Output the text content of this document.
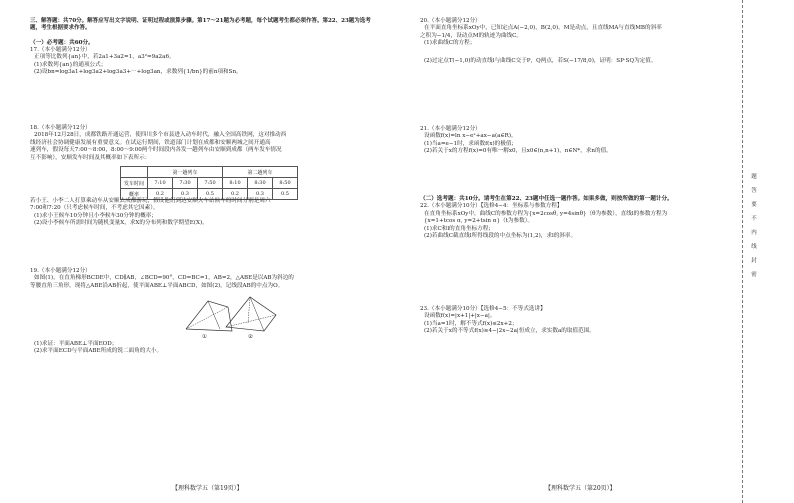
三、解答题：共70分。解答应写出文字说明、证明过程或演算步骤。第17～21题为必考题，每个试题考生都必须作答。第22、23题为选考题，考生根据要求作答。
（一）必考题：共60分。
17.（本小题满分12分）
正项等比数列{an}中，若2a1+3a2=1，a3²=9a2a6。
(1)求数列{an}的通项公式；
(2)设bn=log3a1+log3a2+log3a3+⋯+log3an，求数列{1/bn}的前n项和Sn。
18.（本小题满分12分）
2018年12月28日，成都铁路开通运营，使四川多个市县进入动车时代，融入全国高铁网，这对推动西
线经济社会协调健康发展有重要意义。在试运行期间，铁道部门计划在成都和安顺两城之间开通高
速列车，假设每天7:00～8:00，8:00～9:00两个时间段内各发一趟列车由安顺到成都（两车发车情况
互不影响），安顺发车时间及其概率如下表所示：
	第一趟列车			第二趟列车		
发车时间	7:10	7:30	7:50	8:10	8:30	8:50
概率	0.2	0.3	0.5	0.2	0.3	0.5
若小王、小李二人打算乘动车从安顺去成都游玩，假设他们到达安顺火车站候车的时间分别是周六
7:00和7:20（只考虑候车时间，不考虑其它因素）。
(1)求小王候车10分钟且小李候车30分钟的概率；
(2)设小李候车所需时间为随机变量X，求X的分布列和数学期望E(X)。
19.（本小题满分12分）
如图(1)，在直角梯形BCDE中，CD∥AB，∠BCD=90°，CD=BC=1，AB=2，△ABE是以AB为斜边的
等腰直角三角形，现将△ABE沿AB折起，使平面ABE⊥平面ABCD，如图(2)，记线段AB的中点为O。
①	②
(1)求证：平面ABE⊥平面EOD；
(2)求平面ECD与平面ABE所成的锐二面角的大小。
【理科数学五（第19页）】
20.（本小题满分12分）
在平面直角坐标系xOy中，已知定点A(−2,0)，B(2,0)，M是动点，且直线MA与直线MB的斜率
之积为−1/4，设动点M的轨迹为曲线C。
(1)求曲线C的方程；
(2)过定点T(−1,0)的动直线l与曲线C交于P，Q两点，若S(−17/8,0)，证明：SP·SQ为定值。
21.（本小题满分12分）
设函数f(x)=ln x−eˣ+ax−a(a∈R)。
(1)当a=e−1时，求函数f(x)的极值；
(2)若关于x的方程f(x)=0有唯一解x0，且x0∈(n,n+1)，n∈N*，求n的值。
（二）选考题：共10分。请考生在第22、23题中任选一题作答。如果多做，则按所做的第一题计分。
22.（本小题满分10分）【选修4−4：坐标系与参数方程】
在直角坐标系xOy中，曲线C的参数方程为{x=2cosθ, y=4sinθ}（θ为参数），直线l的参数方程为
{x=1+tcos α, y=2+tsin α}（t为参数）。
(1)求C和l的直角坐标方程；
(2)若曲线C截直线l所得线段的中点坐标为(1,2)，求l的斜率。
23.（本小题满分10分）【选修4−5：不等式选讲】
设函数f(x)=|x+1|+|x−a|。
(1)当a=1时，解不等式f(x)≤2x+2；
(2)若关于x的不等式f(x)≥4−|2x−2a|恒成立，求实数a的取值范围。
【理科数学五（第20页）】
题
答
要
不
内
线
封
密
